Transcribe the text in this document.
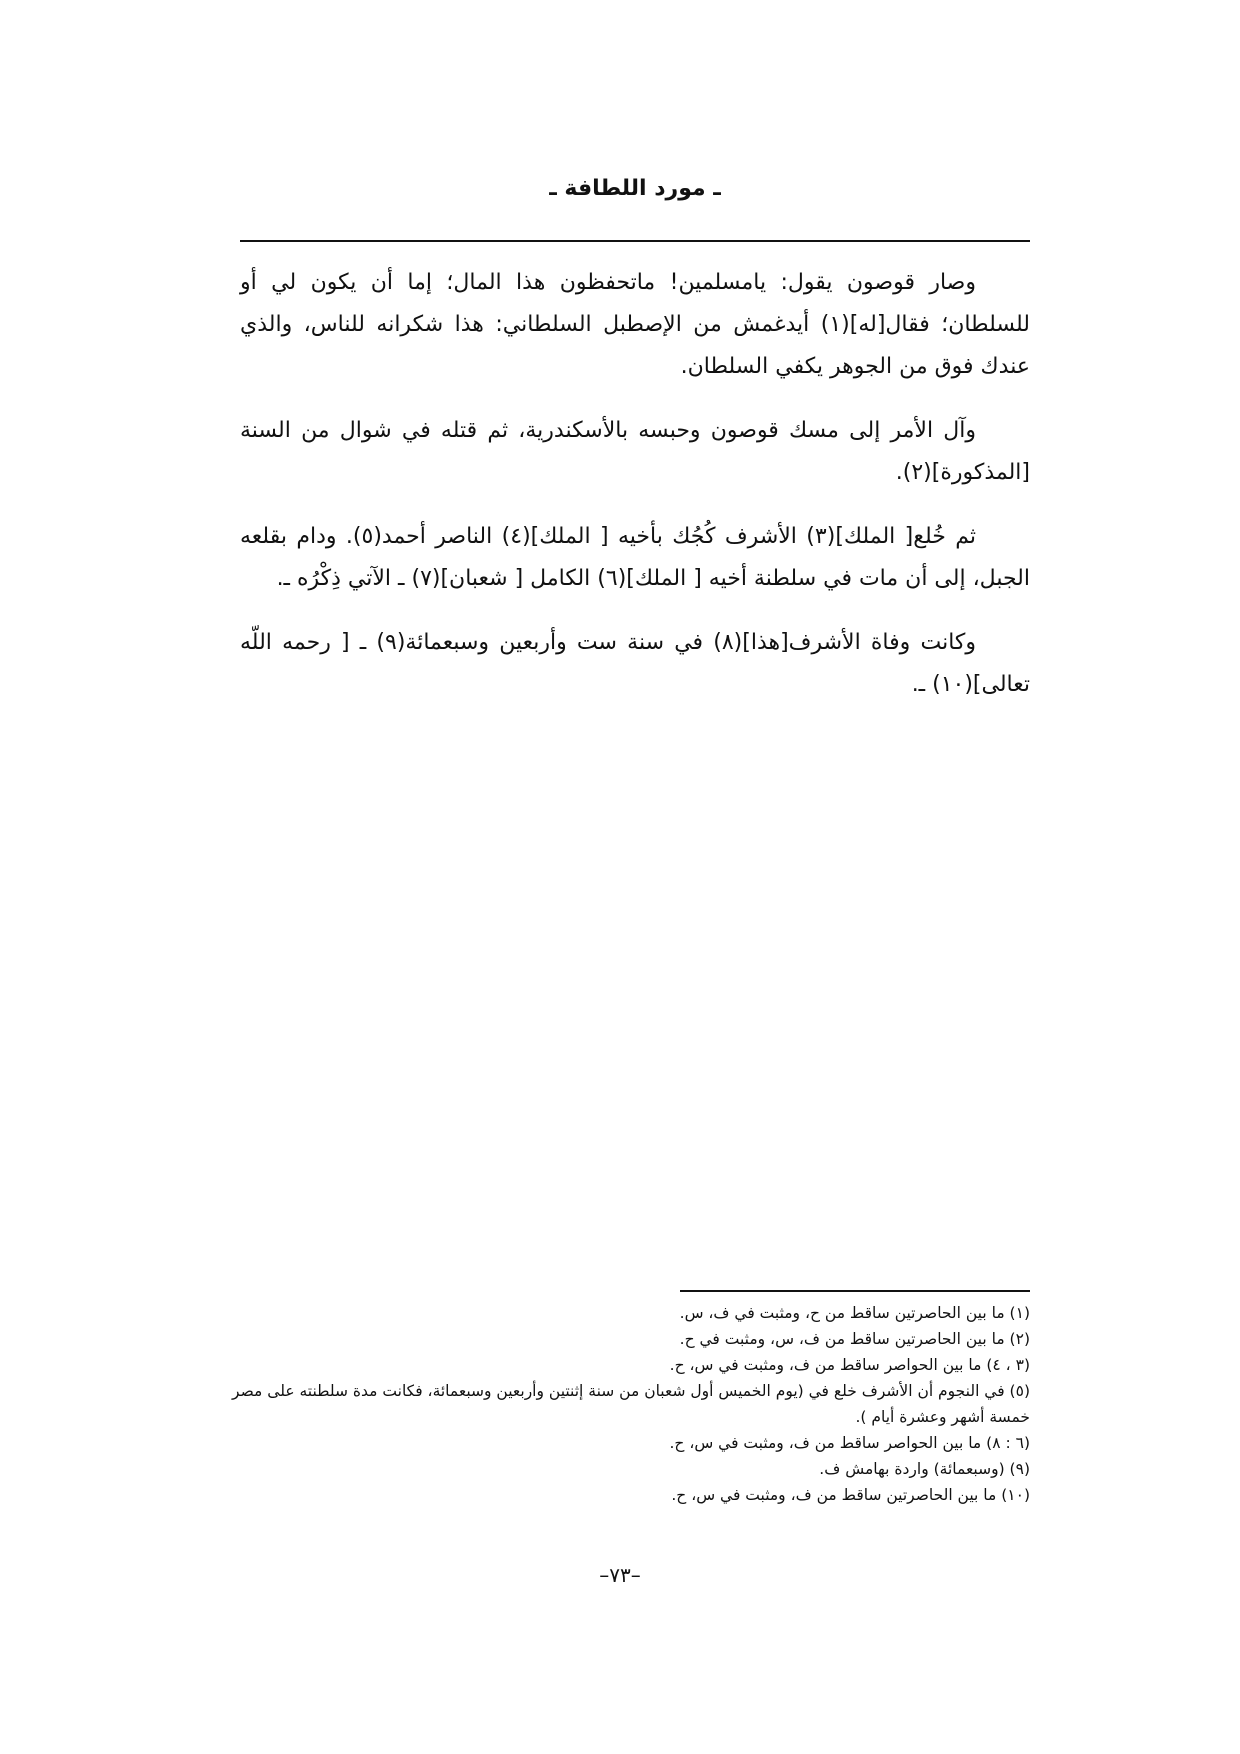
ـ مورد اللطافة ـ

وصار قوصون يقول: يامسلمين! ماتحفظون هذا المال؛ إما أن يكون لي أو للسلطان؛ فقال[له](١) أيدغمش من الإصطبل السلطاني: هذا شكرانه للناس، والذي عندك فوق من الجوهر يكفي السلطان.

وآل الأمر إلى مسك قوصون وحبسه بالأسكندرية، ثم قتله في شوال من السنة [المذكورة](٢).

ثم خُلع[ الملك](٣) الأشرف كُجُك بأخيه [ الملك](٤) الناصر أحمد(٥). ودام بقلعه الجبل، إلى أن مات في سلطنة أخيه [ الملك](٦) الكامل [ شعبان](٧) ـ الآتي ذِكْرُه ـ.

وكانت وفاة الأشرف[هذا](٨) في سنة ست وأربعين وسبعمائة(٩) ـ [ رحمه اللّه تعالى](١٠) ـ.

(١) ما بين الحاصرتين ساقط من ح، ومثبت في ف، س.
(٢) ما بين الحاصرتين ساقط من ف، س، ومثبت في ح.
(٣ ، ٤) ما بين الحواصر ساقط من ف، ومثبت في س، ح.
(٥) في النجوم أن الأشرف خلع في (يوم الخميس أول شعبان من سنة إثنتين وأربعين وسبعمائة، فكانت مدة سلطنته على مصر خمسة أشهر وعشرة أيام ).
(٦ : ٨) ما بين الحواصر ساقط من ف، ومثبت في س، ح.
(٩) (وسبعمائة) واردة بهامش ف.
(١٠) ما بين الحاصرتين ساقط من ف، ومثبت في س، ح.
–٧٣–
